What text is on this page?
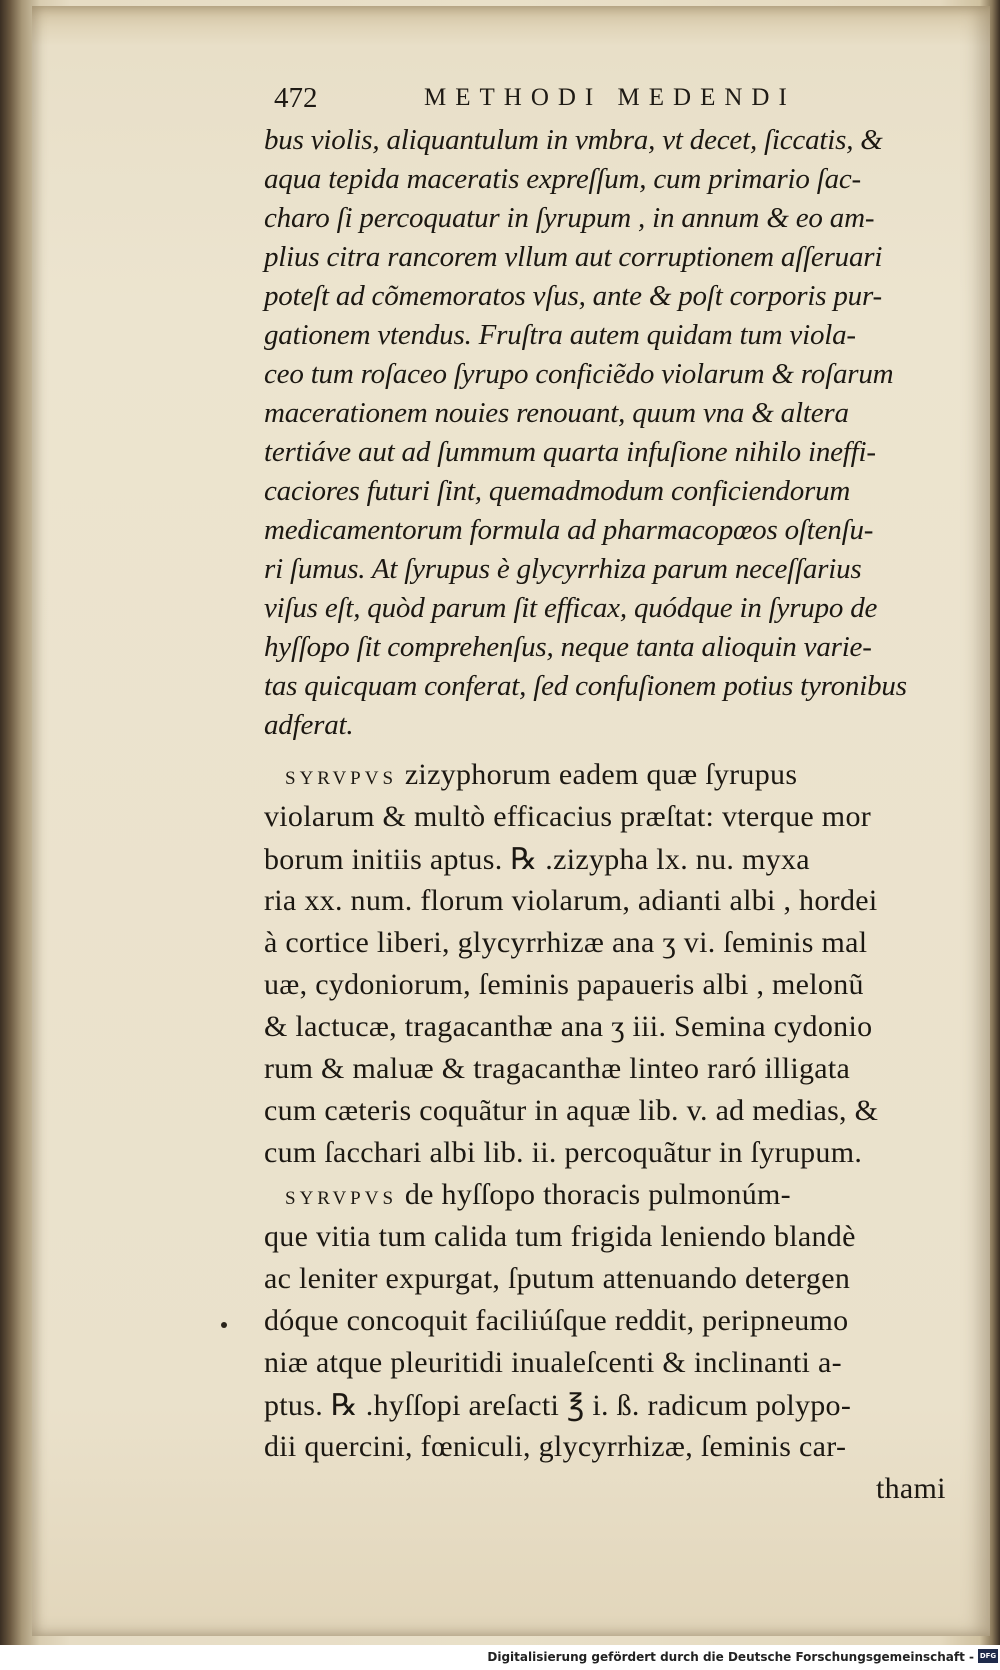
472	METHODI MEDENDI
bus violis, aliquantulum in vmbra, vt decet, ſiccatis, &
aqua tepida maceratis expreſſum, cum primario ſac-
charo ſi percoquatur in ſyrupum , in annum & eo am-
plius citra rancorem vllum aut corruptionem aſſeruari
poteſt ad cõmemoratos vſus, ante & poſt corporis pur-
gationem vtendus. Fruſtra autem quidam tum viola-
ceo tum roſaceo ſyrupo conficiẽdo violarum & roſarum
macerationem nouies renouant, quum vna & altera
tertiáve aut ad ſummum quarta infuſione nihilo ineffi-
caciores futuri ſint, quemadmodum conficiendorum
medicamentorum formula ad pharmacopœos oſtenſu-
ri ſumus. At ſyrupus è glycyrrhiza parum neceſſarius
viſus eſt, quòd parum ſit efficax, quódque in ſyrupo de
hyſſopo ſit comprehenſus, neque tanta alioquin varie-
tas quicquam conferat, ſed confuſionem potius tyronibus
adferat.
SYRVPVS zizyphorum eadem quæ ſyrupus
violarum & multò efficacius præſtat: vterque mor
borum initiis aptus. ℞ .zizypha lx. nu. myxa
ria xx. num. florum violarum, adianti albi , hordei
à cortice liberi, glycyrrhizæ ana ʒ vi. ſeminis mal
uæ, cydoniorum, ſeminis papaueris albi , melonũ
& lactucæ, tragacanthæ ana ʒ iii. Semina cydonio
rum & maluæ & tragacanthæ linteo raró illigata
cum cæteris coquãtur in aquæ lib. v. ad medias, &
cum ſacchari albi lib. ii. percoquãtur in ſyrupum.
SYRVPVS de hyſſopo thoracis pulmonúm-
que vitia tum calida tum frigida leniendo blandè
ac leniter expurgat, ſputum attenuando detergen
dóque concoquit faciliúſque reddit, peripneumo
niæ atque pleuritidi inualeſcenti & inclinanti a-
ptus. ℞ .hyſſopi areſacti ℥ i. ß. radicum polypo-
dii quercini, fœniculi, glycyrrhizæ, ſeminis car-
thami
Digitalisierung gefördert durch die Deutsche Forschungsgemeinschaft - DFG
